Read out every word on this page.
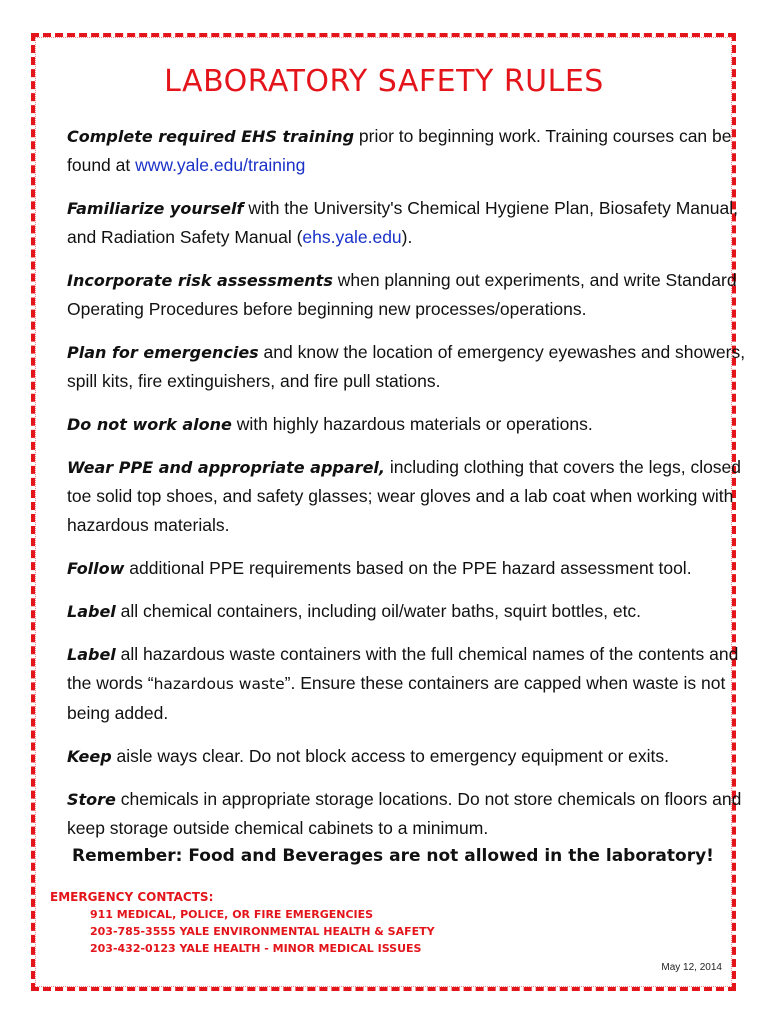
LABORATORY SAFETY RULES

Complete required EHS training prior to beginning work. Training courses can be found at www.yale.edu/training

Familiarize yourself with the University's Chemical Hygiene Plan, Biosafety Manual, and Radiation Safety Manual (ehs.yale.edu).

Incorporate risk assessments when planning out experiments, and write Standard Operating Procedures before beginning new processes/operations.

Plan for emergencies and know the location of emergency eyewashes and showers, spill kits, fire extinguishers, and fire pull stations.

Do not work alone with highly hazardous materials or operations.

Wear PPE and appropriate apparel, including clothing that covers the legs, closed toe solid top shoes, and safety glasses; wear gloves and a lab coat when working with hazardous materials.

Follow additional PPE requirements based on the PPE hazard assessment tool.

Label all chemical containers, including oil/water baths, squirt bottles, etc.

Label all hazardous waste containers with the full chemical names of the contents and the words “hazardous waste”. Ensure these containers are capped when waste is not being added.

Keep aisle ways clear. Do not block access to emergency equipment or exits.

Store chemicals in appropriate storage locations. Do not store chemicals on floors and keep storage outside chemical cabinets to a minimum.

Remember: Food and Beverages are not allowed in the laboratory!
EMERGENCY CONTACTS:
911 MEDICAL, POLICE, OR FIRE EMERGENCIES
203-785-3555 YALE ENVIRONMENTAL HEALTH & SAFETY
203-432-0123 YALE HEALTH - MINOR MEDICAL ISSUES
May 12, 2014
